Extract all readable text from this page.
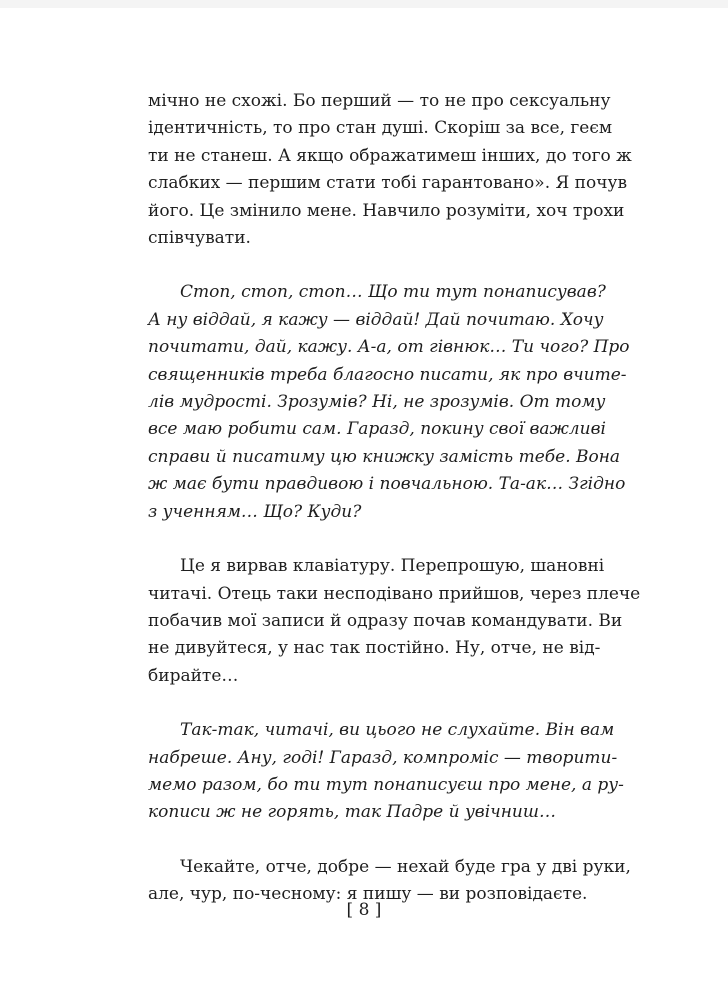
мічно не схожі. Бо перший — то не про сексуальну
ідентичність, то про стан душі. Скоріш за все, геєм
ти не станеш. А якщо ображатимеш інших, до того ж
слабких — першим стати тобі гарантовано». Я почув
його. Це змінило мене. Навчило розуміти, хоч трохи
співчувати.

Стоп, стоп, стоп… Що ти тут понаписував?
А ну віддай, я кажу — віддай! Дай почитаю. Хочу
почитати, дай, кажу. А-а, от гівнюк… Ти чого? Про
священників треба благосно писати, як про вчите-
лів мудрості. Зрозумів? Ні, не зрозумів. От тому
все маю робити сам. Гаразд, покину свої важливі
справи й писатиму цю книжку замість тебе. Вона
ж має бути правдивою і повчальною. Та-ак… Згідно
з ученням… Що? Куди?

Це я вирвав клавіатуру. Перепрошую, шановні
читачі. Отець таки несподівано прийшов, через плече
побачив мої записи й одразу почав командувати. Ви
не дивуйтеся, у нас так постійно. Ну, отче, не від-
бирайте…

Так-так, читачі, ви цього не слухайте. Він вам
набреше. Ану, годі! Гаразд, компроміс — творити-
мемо разом, бо ти тут понаписуєш про мене, а ру-
кописи ж не горять, так Падре й увічниш…

Чекайте, отче, добре — нехай буде гра у дві руки,
але, чур, по-чесному: я пишу — ви розповідаєте.

[ 8 ]
